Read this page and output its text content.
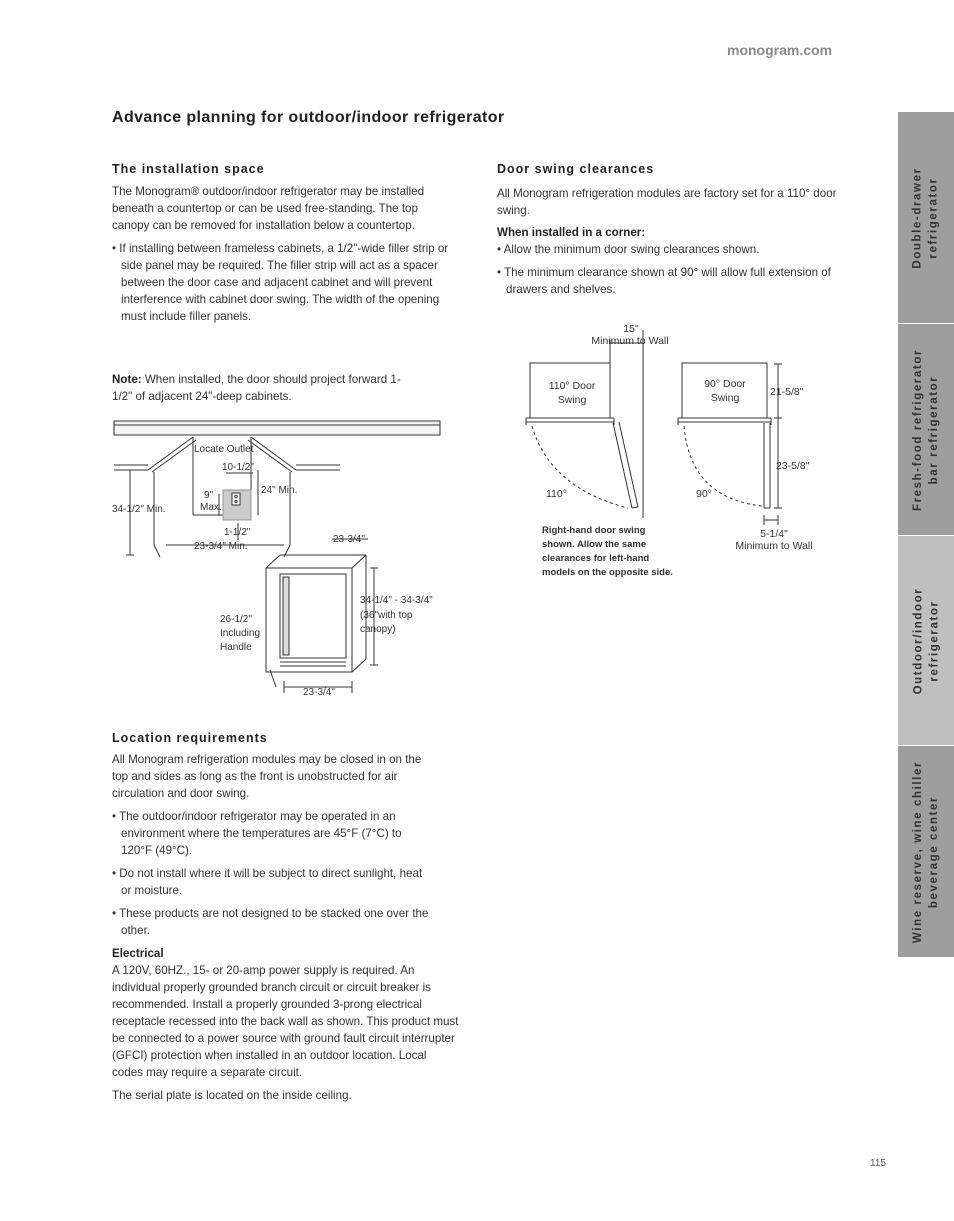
monogram.com
Advance planning for outdoor/indoor refrigerator
The installation space

The Monogram® outdoor/indoor refrigerator may be installed beneath a countertop or can be used free-standing. The top canopy can be removed for installation below a countertop.

• If installing between frameless cabinets, a 1/2"-wide filler strip or side panel may be required. The filler strip will act as a spacer between the door case and adjacent cabinet and will prevent interference with cabinet door swing. The width of the opening must include filler panels.

Note: When installed, the door should project forward 1-1/2" of adjacent 24"-deep cabinets.
Door swing clearances

All Monogram refrigeration modules are factory set for a 110° door swing.

When installed in a corner:

• Allow the minimum door swing clearances shown.

• The minimum clearance shown at 90° will allow full extension of drawers and shelves.

15"
Minimum to Wall
110° Door
Swing
90° Door
Swing	21-5/8"
23-5/8"
110°	90°
5-1/4"
Minimum to Wall
Right-hand door swing
shown. Allow the same
clearances for left-hand
models on the opposite side.
Locate Outlet
10-1/2"
9"
Max.
24" Min.
34-1/2" Min.
1-1/2"
23-3/4" Min.
23-3/4"
34-1/4" - 34-3/4"
(36"with top
canopy)
26-1/2"
Including
Handle
23-3/4"
Location requirements

All Monogram refrigeration modules may be closed in on the top and sides as long as the front is unobstructed for air circulation and door swing.

• The outdoor/indoor refrigerator may be operated in an environment where the temperatures are 45°F (7°C) to 120°F (49°C).

• Do not install where it will be subject to direct sunlight, heat or moisture.

• These products are not designed to be stacked one over the other.

Electrical

A 120V, 60HZ., 15- or 20-amp power supply is required. An individual properly grounded branch circuit or circuit breaker is recommended. Install a properly grounded 3-prong electrical receptacle recessed into the back wall as shown. This product must be connected to a power source with ground fault circuit interrupter (GFCI) protection when installed in an outdoor location. Local codes may require a separate circuit.

The serial plate is located on the inside ceiling.

Double-drawer refrigerator
Fresh-food refrigerator bar refrigerator
Outdoor/indoor refrigerator
Wine reserve, wine chiller beverage center
115
